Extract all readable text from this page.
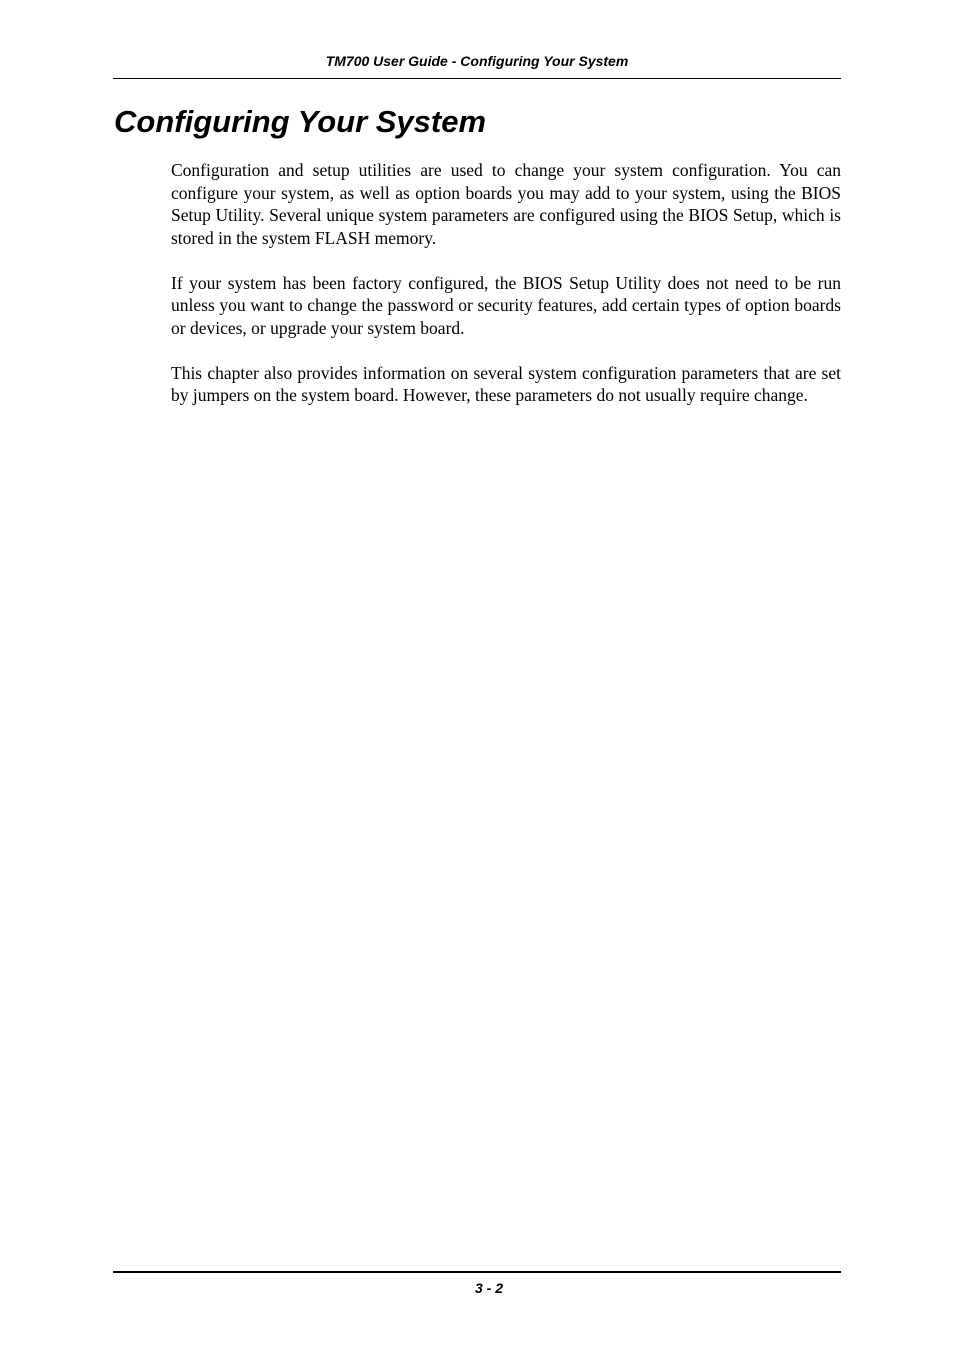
TM700 User Guide - Configuring Your System
Configuring Your System

Configuration and setup utilities are used to change your system configuration. You can configure your system, as well as option boards you may add to your system, using the BIOS Setup Utility. Several unique system parameters are configured using the BIOS Setup, which is stored in the system FLASH memory.

If your system has been factory configured, the BIOS Setup Utility does not need to be run unless you want to change the password or security features, add certain types of option boards or devices, or upgrade your system board.

This chapter also provides information on several system configuration parameters that are set by jumpers on the system board. However, these parameters do not usually require change.

3 - 2
